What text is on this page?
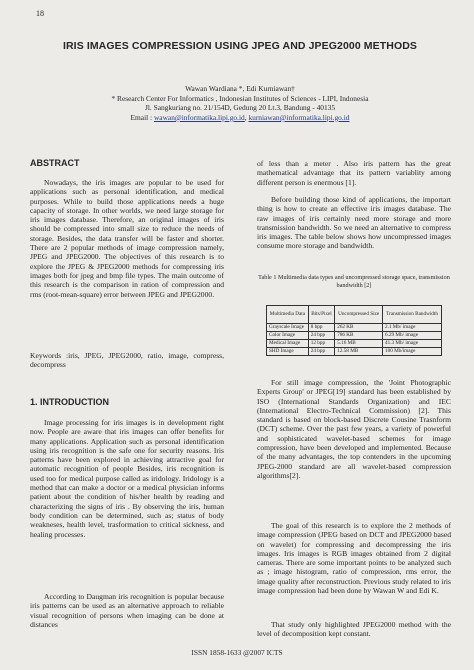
18
IRIS IMAGES COMPRESSION USING JPEG AND JPEG2000 METHODS
Wawan Wardiana *, Edi Kurniawan†
* Research Center For Informatics , Indonesian Institutes of Sciences - LIPI, Indonesia
Jl. Sangkuriang no. 21/154D, Gedung 20 Lt.3, Bandung - 40135
Email : wawan@informatika.lipi.go.id, kurniawan@informatika.lipi.go.id
ABSTRACT
Nowadays, the iris images are popular to be used for applications such as personal identification, and medical purposes. While to build those applications needs a huge capacity of storage. In other worlds, we need large storage for iris images database. Therefore, an original images of iris should be compressed into small size to reduce the needs of storage. Besides, the data transfer will be faster and shorter. There are 2 popular methods of image compression namely, JPEG and JPEG2000. The objectives of this research is to explore the JPEG & JPEG2000 methods for compressing iris images both for jpeg and bmp file types. The main outcome of this research is the comparison in ration of compression and rms (root-mean-square) error between JPEG and JPEG2000.
Keywords :iris, JPEG, JPEG2000, ratio, image, compress, decompress
1. INTRODUCTION
Image processing for iris images is in development right now. People are aware that iris images can offer benefits for many applications. Application such as personal identification using iris recognition is the safe one for security reasons. Iris patterns have been explored in achieving attractive goal for automatic recognition of people Besides, iris recognition is used too for medical purpose called as iridology. Iridology is a method that can make a doctor or a medical physician informs patient about the condition of his/her health by reading and characterizing the signs of iris . By observing the iris, human body condition can be determined, such as; status of body weakneses, health level, trasformation to critical sickness, and healing processes.
According to Daugman iris recognition is popular because iris patterns can be used as an alternative approach to reliable visual recognition of persons when imaging can be done at distances
of less than a meter . Also iris pattern has the great mathematical advantage that its pattern variablity among different person is enermous [1].
Before building those kind of applications, the importart thing is how to create an effective iris images database. The raw images of iris certainly need more storage and more transmission bandwidth. So we need an alternative to compress iris images. The table below shows how uncompressed images consume more storage and bandwidth.
For still image compression, the 'Joint Photographic Experts Group' or JPEG[19] standard has been established by ISO (International Standards Organization) and IEC (International Electro-Technical Commission) [2]. This standard is based on block-based Discrete Cousine Trasnform (DCT) scheme. Over the past few years, a variety of powerful and sophisticated wavelet-based schemes for image compression, have been developed and implemented. Because of the many advantages, the top contenders in the upcoming JPEG-2000 standard are all wavelet-based compression algorithms[2].
The goal of this research is to explore the 2 methods of image compression (JPEG based on DCT and JPEG2000 based on wavelet) for compressing and decompressing the iris images. Iris images is RGB images obtained from 2 digital cameras. There are some important points to be analyzed such as ; image histogram, ratio of compression, rms error, the image quality after reconstruction. Previous study related to iris image compression had been done by Wawan W and Edi K.
That study only highlighted JPEG2000 method with the level of decomposition kept constant.
Table 1 Multimedia data types and uncompressed storage space, transmission bandwidth [2]
Multimedia Data	Bits/Pixel	Uncompressed Size	Transmission Bandwidth
Grayscale Image	8 bpp	262 KB	2.1 Mb/ image
Color Image	24 bpp	786 KB	6.29 Mb/ image
Medical Image	12 bpp	5.16 MB	41.3 Mb/ image
SHD Image	24 bpp	12.58 MB	100 Mb/image
ISSN 1858-1633 @2007 ICTS
